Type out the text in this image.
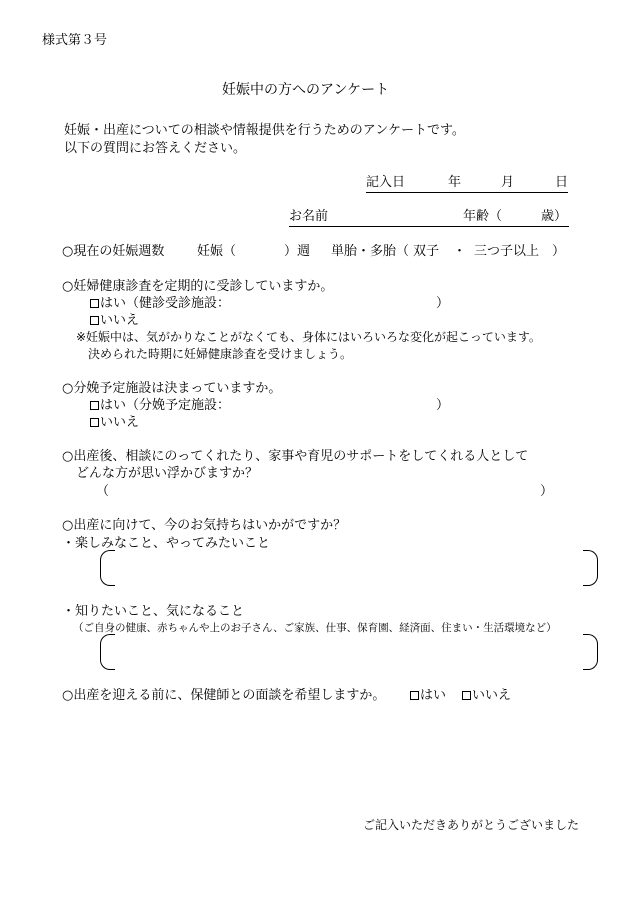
様式第３号
妊娠中の方へのアンケート
妊娠・出産についての相談や情報提供を行うためのアンケートです。
以下の質問にお答えください。
記入日	年	月	日
お名前	年齢（	歳）
○現在の妊娠週数	妊娠（	）週 単胎・多胎（ 双子 ・ 三つ子以上 ）
○妊婦健康診査を定期的に受診していますか。
はい（健診受診施設：	）
いいえ
※妊娠中は、気がかりなことがなくても、身体にはいろいろな変化が起こっています。
決められた時期に妊婦健康診査を受けましょう。
○分娩予定施設は決まっていますか。
はい（分娩予定施設：	）
いいえ
○出産後、相談にのってくれたり、家事や育児のサポートをしてくれる人として
どんな方が思い浮かびますか？
（	）
○出産に向けて、今のお気持ちはいかがですか？
・楽しみなこと、やってみたいこと
・知りたいこと、気になること
（ご自身の健康、赤ちゃんや上のお子さん、ご家族、仕事、保育園、経済面、住まい・生活環境など）
○出産を迎える前に、保健師との面談を希望しますか。	はい	いいえ
ご記入いただきありがとうございました
